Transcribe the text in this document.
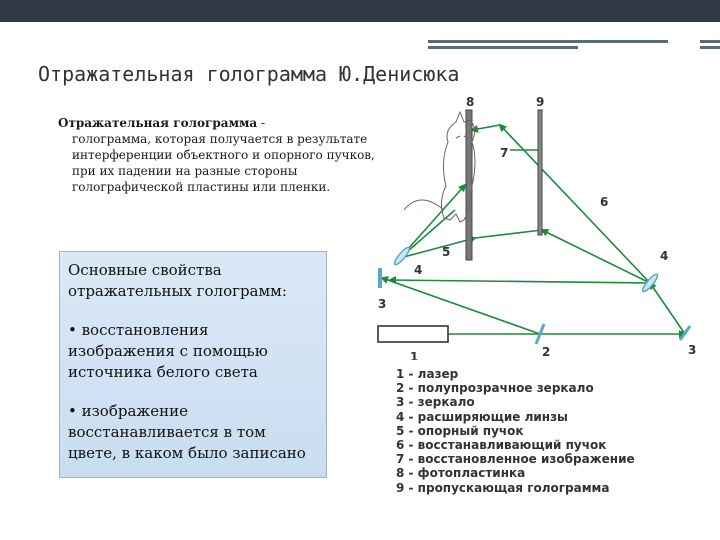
Отражательная голограмма Ю.Денисюка
Отражательная голограмма -
голограмма, которая получается в результате интерференции объектного и опорного пучков, при их падении на разные стороны голографической пластины или пленки.

Основные свойства отражательных голограмм:

• восстановления изображения с помощью источника белого света

• изображение восстанавливается в том цвете, в каком было записано

1	2
3
3
4
4
5
6
7
8	9
1 - лазер
2 - полупрозрачное зеркало
3 - зеркало
4 - расширяющие линзы
5 - опорный пучок
6 - восстанавливающий пучок
7 - восстановленное изображение
8 - фотопластинка
9 - пропускающая голограмма
